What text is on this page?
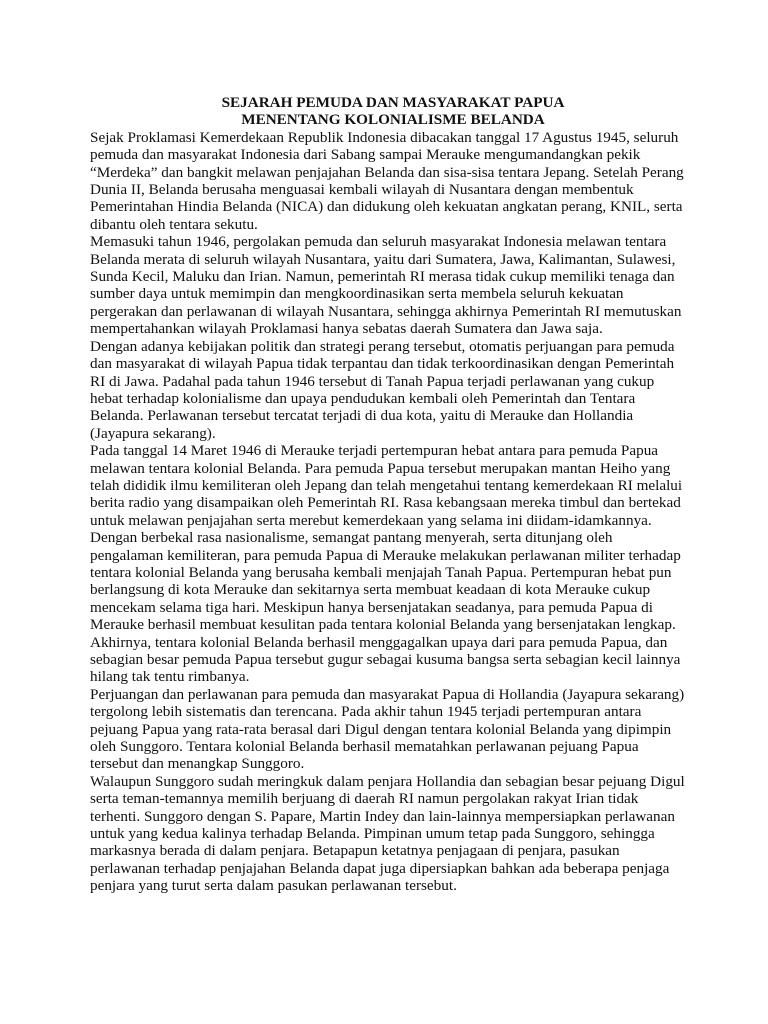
SEJARAH PEMUDA DAN MASYARAKAT PAPUA
MENENTANG KOLONIALISME BELANDA

Sejak Proklamasi Kemerdekaan Republik Indonesia dibacakan tanggal 17 Agustus 1945, seluruh pemuda dan masyarakat Indonesia dari Sabang sampai Merauke mengumandangkan pekik “Merdeka” dan bangkit melawan penjajahan Belanda dan sisa-sisa tentara Jepang. Setelah Perang Dunia II, Belanda berusaha menguasai kembali wilayah di Nusantara dengan membentuk Pemerintahan Hindia Belanda (NICA) dan didukung oleh kekuatan angkatan perang, KNIL, serta dibantu oleh tentara sekutu.

Memasuki tahun 1946, pergolakan pemuda dan seluruh masyarakat Indonesia melawan tentara Belanda merata di seluruh wilayah Nusantara, yaitu dari Sumatera, Jawa, Kalimantan, Sulawesi, Sunda Kecil, Maluku dan Irian. Namun, pemerintah RI merasa tidak cukup memiliki tenaga dan sumber daya untuk memimpin dan mengkoordinasikan serta membela seluruh kekuatan pergerakan dan perlawanan di wilayah Nusantara, sehingga akhirnya Pemerintah RI memutuskan mempertahankan wilayah Proklamasi hanya sebatas daerah Sumatera dan Jawa saja.

Dengan adanya kebijakan politik dan strategi perang tersebut, otomatis perjuangan para pemuda dan masyarakat di wilayah Papua tidak terpantau dan tidak terkoordinasikan dengan Pemerintah RI di Jawa. Padahal pada tahun 1946 tersebut di Tanah Papua terjadi perlawanan yang cukup hebat terhadap kolonialisme dan upaya pendudukan kembali oleh Pemerintah dan Tentara Belanda. Perlawanan tersebut tercatat terjadi di dua kota, yaitu di Merauke dan Hollandia (Jayapura sekarang).

Pada tanggal 14 Maret 1946 di Merauke terjadi pertempuran hebat antara para pemuda Papua melawan tentara kolonial Belanda. Para pemuda Papua tersebut merupakan mantan Heiho yang telah dididik ilmu kemiliteran oleh Jepang dan telah mengetahui tentang kemerdekaan RI melalui berita radio yang disampaikan oleh Pemerintah RI. Rasa kebangsaan mereka timbul dan bertekad untuk melawan penjajahan serta merebut kemerdekaan yang selama ini diidam-idamkannya.

Dengan berbekal rasa nasionalisme, semangat pantang menyerah, serta ditunjang oleh pengalaman kemiliteran, para pemuda Papua di Merauke melakukan perlawanan militer terhadap tentara kolonial Belanda yang berusaha kembali menjajah Tanah Papua. Pertempuran hebat pun berlangsung di kota Merauke dan sekitarnya serta membuat keadaan di kota Merauke cukup mencekam selama tiga hari. Meskipun hanya bersenjatakan seadanya, para pemuda Papua di Merauke berhasil membuat kesulitan pada tentara kolonial Belanda yang bersenjatakan lengkap. Akhirnya, tentara kolonial Belanda berhasil menggagalkan upaya dari para pemuda Papua, dan sebagian besar pemuda Papua tersebut gugur sebagai kusuma bangsa serta sebagian kecil lainnya hilang tak tentu rimbanya.

Perjuangan dan perlawanan para pemuda dan masyarakat Papua di Hollandia (Jayapura sekarang) tergolong lebih sistematis dan terencana. Pada akhir tahun 1945 terjadi pertempuran antara pejuang Papua yang rata-rata berasal dari Digul dengan tentara kolonial Belanda yang dipimpin oleh Sunggoro. Tentara kolonial Belanda berhasil mematahkan perlawanan pejuang Papua tersebut dan menangkap Sunggoro.

Walaupun Sunggoro sudah meringkuk dalam penjara Hollandia dan sebagian besar pejuang Digul serta teman-temannya memilih berjuang di daerah RI namun pergolakan rakyat Irian tidak terhenti. Sunggoro dengan S. Papare, Martin Indey dan lain-lainnya mempersiapkan perlawanan untuk yang kedua kalinya terhadap Belanda. Pimpinan umum tetap pada Sunggoro, sehingga markasnya berada di dalam penjara. Betapapun ketatnya penjagaan di penjara, pasukan perlawanan terhadap penjajahan Belanda dapat juga dipersiapkan bahkan ada beberapa penjaga penjara yang turut serta dalam pasukan perlawanan tersebut.
